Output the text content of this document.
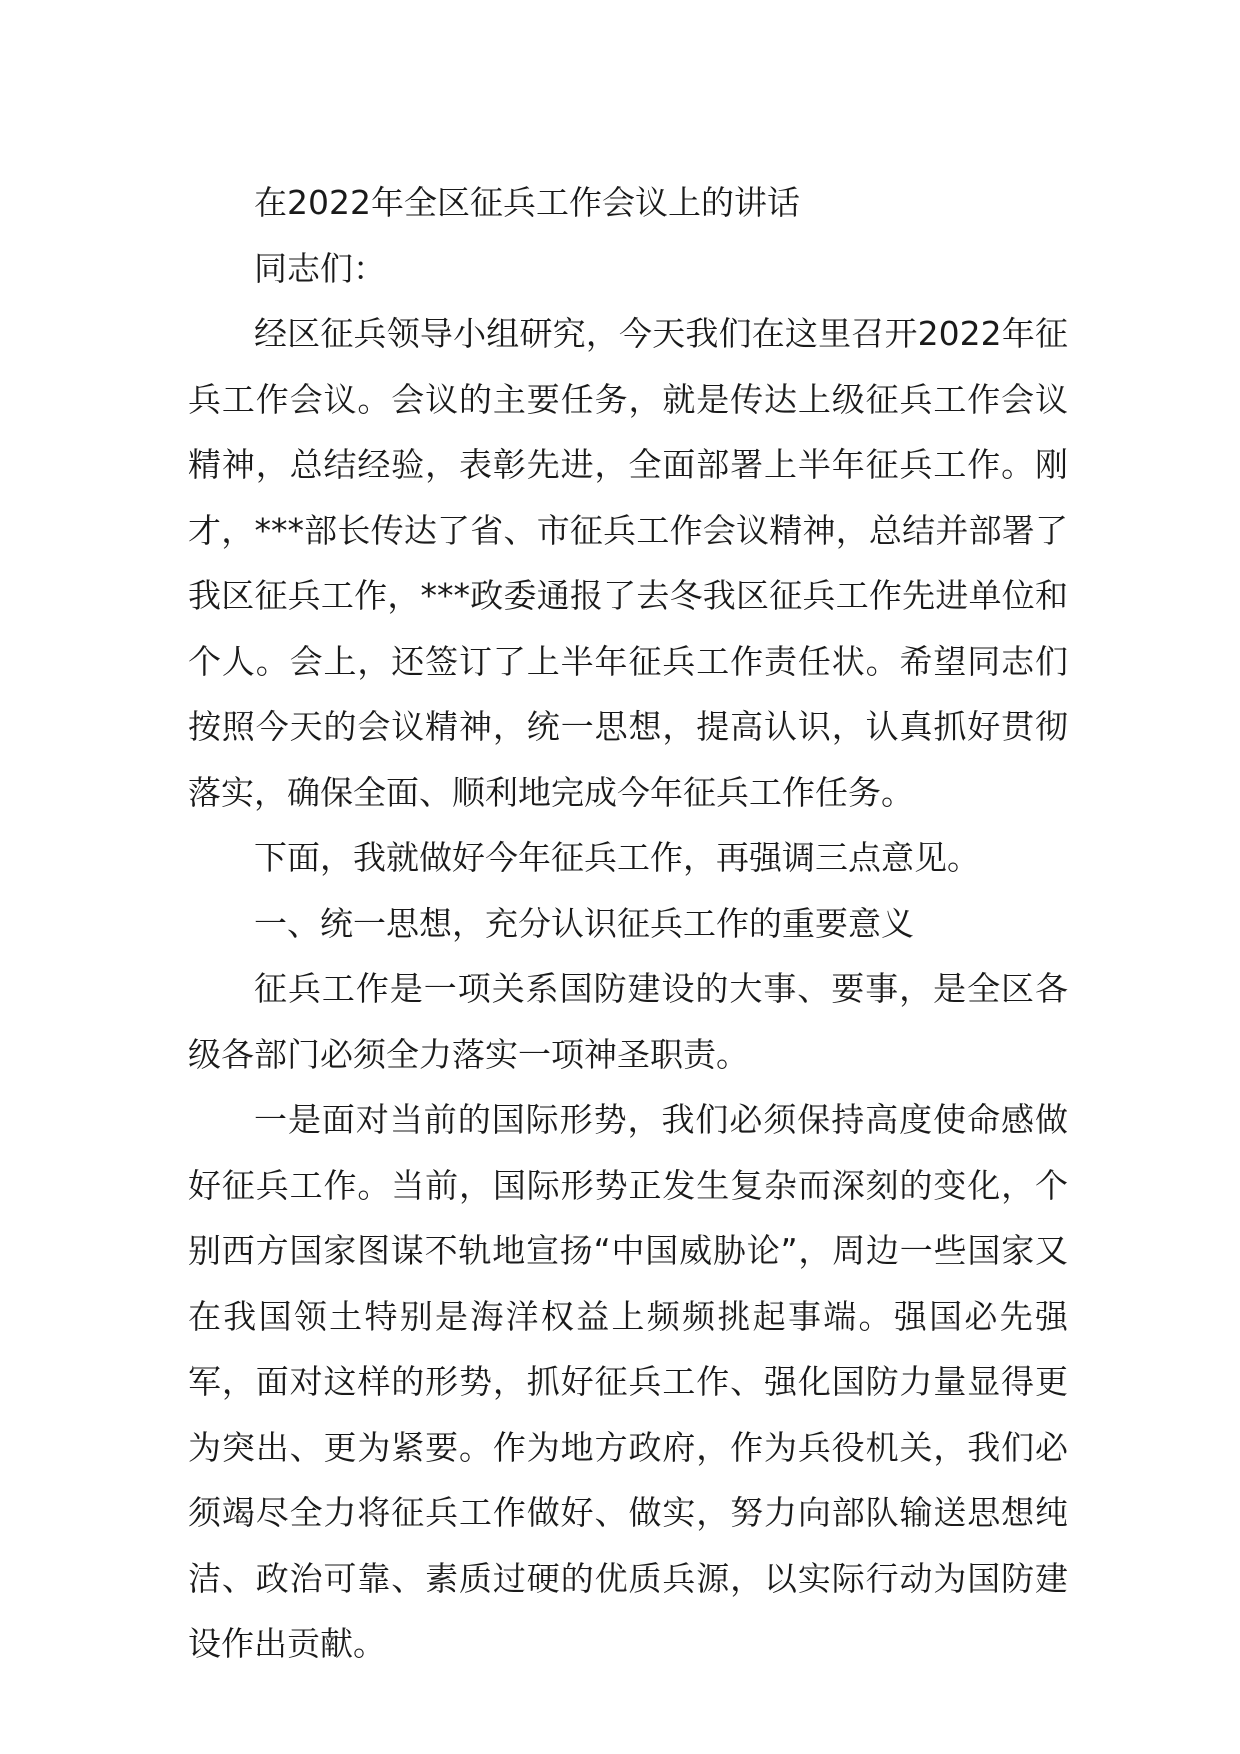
在2022年全区征兵工作会议上的讲话

同志们：

经区征兵领导小组研究，今天我们在这里召开2022年征兵工作会议。会议的主要任务，就是传达上级征兵工作会议精神，总结经验，表彰先进，全面部署上半年征兵工作。刚才，***部长传达了省、市征兵工作会议精神，总结并部署了我区征兵工作，***政委通报了去冬我区征兵工作先进单位和个人。会上，还签订了上半年征兵工作责任状。希望同志们按照今天的会议精神，统一思想，提高认识，认真抓好贯彻落实，确保全面、顺利地完成今年征兵工作任务。

下面，我就做好今年征兵工作，再强调三点意见。

一、统一思想，充分认识征兵工作的重要意义

征兵工作是一项关系国防建设的大事、要事，是全区各级各部门必须全力落实一项神圣职责。

一是面对当前的国际形势，我们必须保持高度使命感做好征兵工作。当前，国际形势正发生复杂而深刻的变化，个别西方国家图谋不轨地宣扬“中国威胁论”，周边一些国家又在我国领土特别是海洋权益上频频挑起事端。强国必先强军，面对这样的形势，抓好征兵工作、强化国防力量显得更为突出、更为紧要。作为地方政府，作为兵役机关，我们必须竭尽全力将征兵工作做好、做实，努力向部队输送思想纯洁、政治可靠、素质过硬的优质兵源，以实际行动为国防建设作出贡献。
